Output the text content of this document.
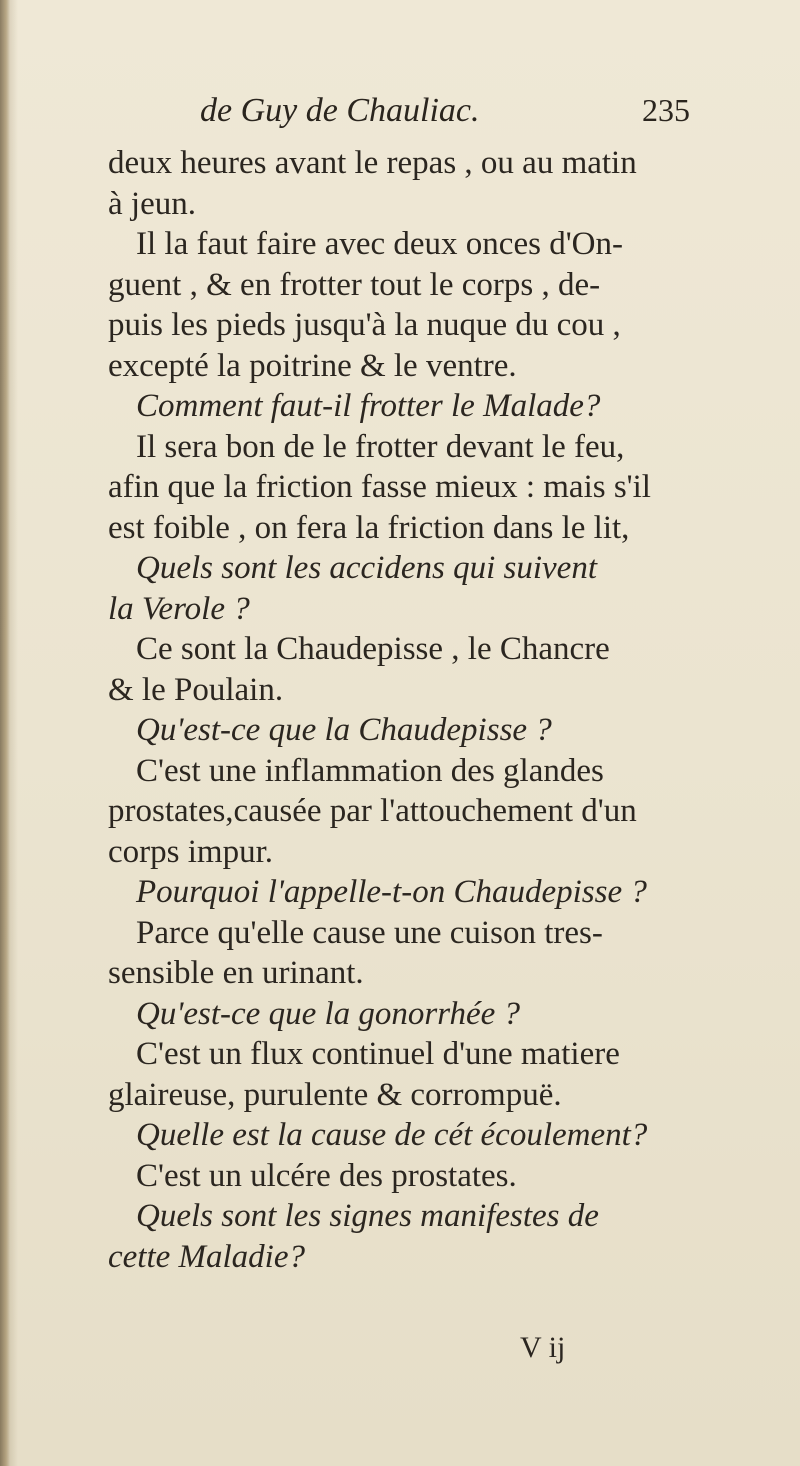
de Guy de Chauliac.	235
deux heures avant le repas , ou au matin
à jeun.
Il la faut faire avec deux onces d'On-
guent , & en frotter tout le corps , de-
puis les pieds jusqu'à la nuque du cou ,
excepté la poitrine & le ventre.
Comment faut-il frotter le Malade?
Il sera bon de le frotter devant le feu,
afin que la friction fasse mieux : mais s'il
est foible , on fera la friction dans le lit,
Quels sont les accidens qui suivent
la Verole ?
Ce sont la Chaudepisse , le Chancre
& le Poulain.
Qu'est-ce que la Chaudepisse ?
C'est une inflammation des glandes
prostates,causée par l'attouchement d'un
corps impur.
Pourquoi l'appelle-t-on Chaudepisse ?
Parce qu'elle cause une cuison tres-
sensible en urinant.
Qu'est-ce que la gonorrhée ?
C'est un flux continuel d'une matiere
glaireuse, purulente & corrompuë.
Quelle est la cause de cét écoulement?
C'est un ulcére des prostates.
Quels sont les signes manifestes de
cette Maladie?
V ij
